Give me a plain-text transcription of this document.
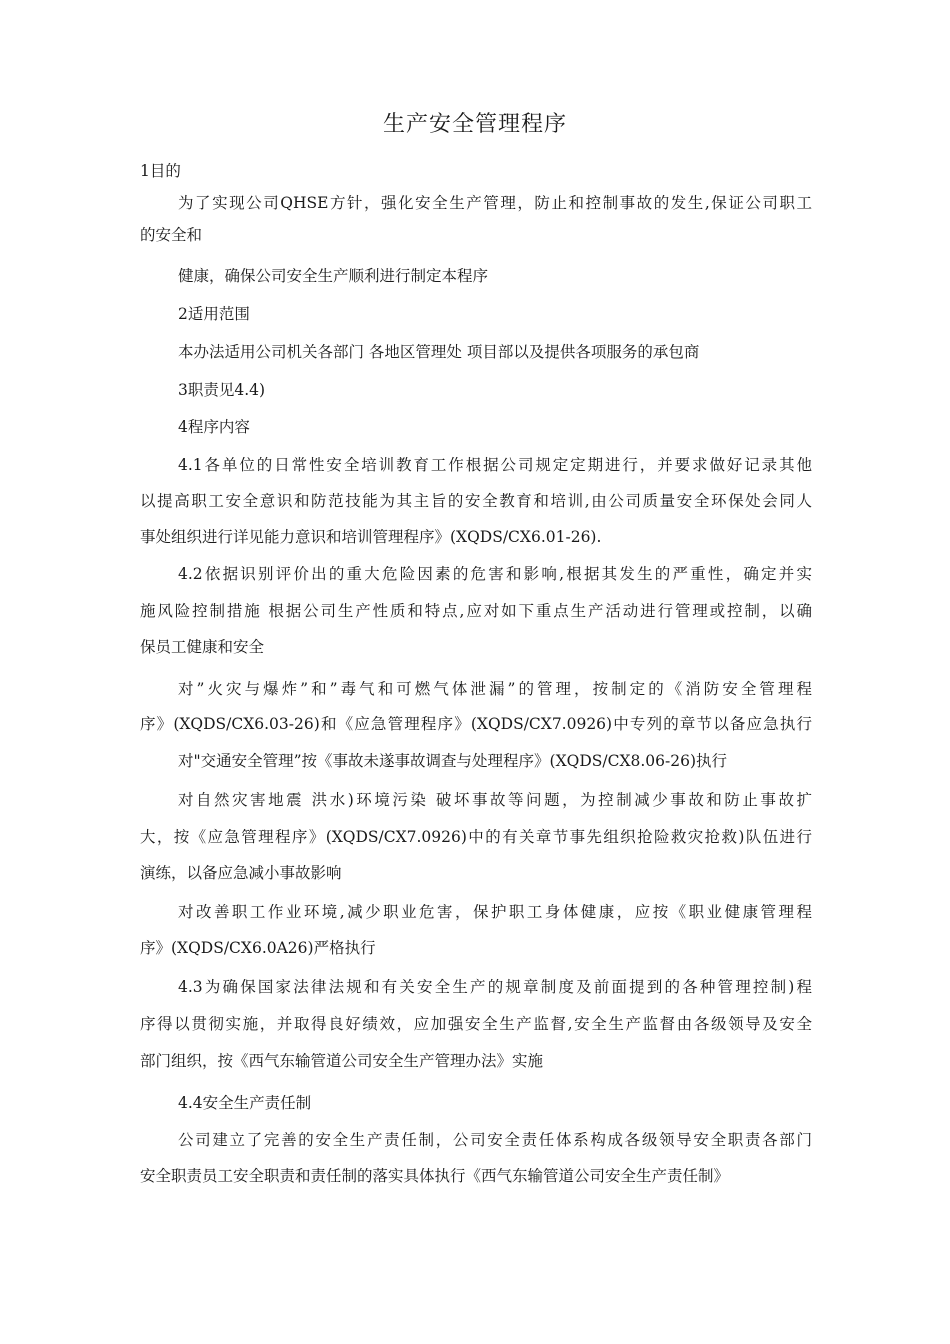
生产安全管理程序
1目的
为了实现公司QHSE方针，强化安全生产管理，防止和控制事故的发生,保证公司职工
的安全和
健康，确保公司安全生产顺利进行制定本程序
2适用范围
本办法适用公司机关各部门 各地区管理处 项目部以及提供各项服务的承包商
3职责见4.4)
4程序内容
4.1各单位的日常性安全培训教育工作根据公司规定定期进行，并要求做好记录其他
以提高职工安全意识和防范技能为其主旨的安全教育和培训,由公司质量安全环保处会同人
事处组织进行详见能力意识和培训管理程序》(XQDS/CX6.01-26).
4.2依据识别评价出的重大危险因素的危害和影响,根据其发生的严重性，确定并实
施风险控制措施 根据公司生产性质和特点,应对如下重点生产活动进行管理或控制，以确
保员工健康和安全
对”火灾与爆炸”和”毒气和可燃气体泄漏”的管理，按制定的《消防安全管理程
序》(XQDS/CX6.03-26)和《应急管理程序》(XQDS/CX7.0926)中专列的章节以备应急执行
对"交通安全管理”按《事故未遂事故调查与处理程序》(XQDS/CX8.06-26)执行
对自然灾害地震 洪水)环境污染 破坏事故等问题，为控制减少事故和防止事故扩
大，按《应急管理程序》(XQDS/CX7.0926)中的有关章节事先组织抢险救灾抢救)队伍进行
演练，以备应急减小事故影响
对改善职工作业环境,减少职业危害，保护职工身体健康，应按《职业健康管理程
序》(XQDS/CX6.0A26)严格执行
4.3为确保国家法律法规和有关安全生产的规章制度及前面提到的各种管理控制)程
序得以贯彻实施，并取得良好绩效，应加强安全生产监督,安全生产监督由各级领导及安全
部门组织，按《西气东输管道公司安全生产管理办法》实施
4.4安全生产责任制
公司建立了完善的安全生产责任制，公司安全责任体系构成各级领导安全职责各部门
安全职责员工安全职责和责任制的落实具体执行《西气东输管道公司安全生产责任制》
